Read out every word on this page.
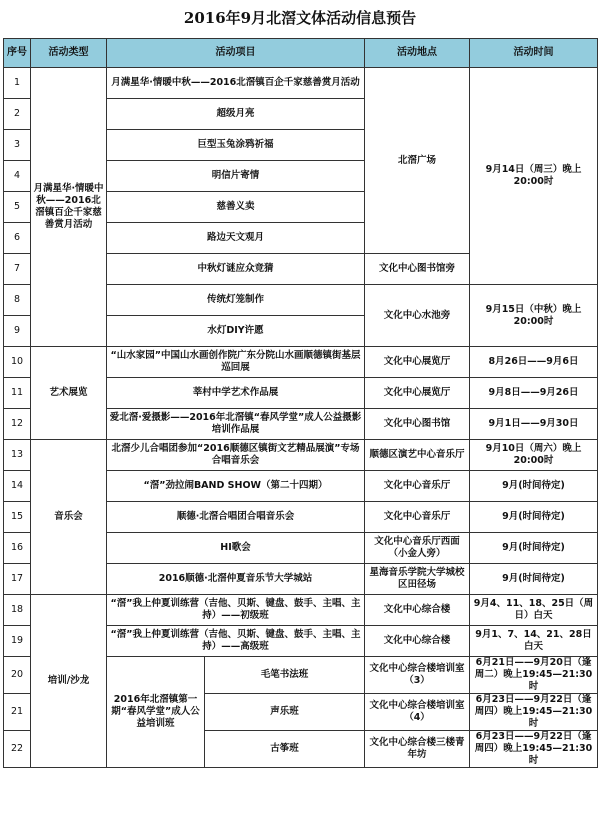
2016年9月北滘文体活动信息预告
序号	活动类型	活动项目		活动地点	活动时间
1	月满星华·情暖中秋——2016北滘镇百企千家慈善赏月活动	月满星华·情暖中秋——2016北滘镇百企千家慈善赏月活动		北滘广场	9月14日（周三）晚上20:00时
2		超级月亮			
3		巨型玉兔涂鸦祈福			
4		明信片寄情			
5		慈善义卖			
6		路边天文观月			
7		中秋灯谜应众竞猜		文化中心图书馆旁	
8		传统灯笼制作		文化中心水池旁	9月15日（中秋）晚上20:00时
9		水灯DIY许愿			
10	艺术展览	“山水家园”中国山水画创作院广东分院山水画顺德镇街基层巡回展		文化中心展览厅	8月26日——9月6日
11		莘村中学艺术作品展		文化中心展览厅	9月8日——9月26日
12		爱北滘·爱摄影——2016年北滘镇“春风学堂”成人公益摄影培训作品展		文化中心图书馆	9月1日——9月30日
13	音乐会	北滘少儿合唱团参加“2016顺德区镇街文艺精品展演”专场合唱音乐会		顺德区演艺中心音乐厅	9月10日（周六）晚上20:00时
14		“滘”劲拉闹BAND SHOW（第二十四期）		文化中心音乐厅	9月(时间待定)
15		顺德·北滘合唱团合唱音乐会		文化中心音乐厅	9月(时间待定)
16		HI歌会		文化中心音乐厅西面（小金人旁）	9月(时间待定)
17		2016顺德·北滘仲夏音乐节大学城站		星海音乐学院大学城校区田径场	9月(时间待定)
18	培训/沙龙	“滘”我上仲夏训练营（吉他、贝斯、键盘、鼓手、主唱、主持）——初级班		文化中心综合楼	9月4、11、18、25日（周日）白天
19		“滘”我上仲夏训练营（吉他、贝斯、键盘、鼓手、主唱、主持）——高级班		文化中心综合楼	9月1、7、14、21、28日白天
20		2016年北滘镇第一期“春风学堂”成人公益培训班	毛笔书法班	文化中心综合楼培训室（3）	6月21日——9月20日（逢周二）晚上19:45—21:30时
21			声乐班	文化中心综合楼培训室（4）	6月23日——9月22日（逢周四）晚上19:45—21:30时
22			古筝班	文化中心综合楼三楼青年坊	6月23日——9月22日（逢周四）晚上19:45—21:30时
